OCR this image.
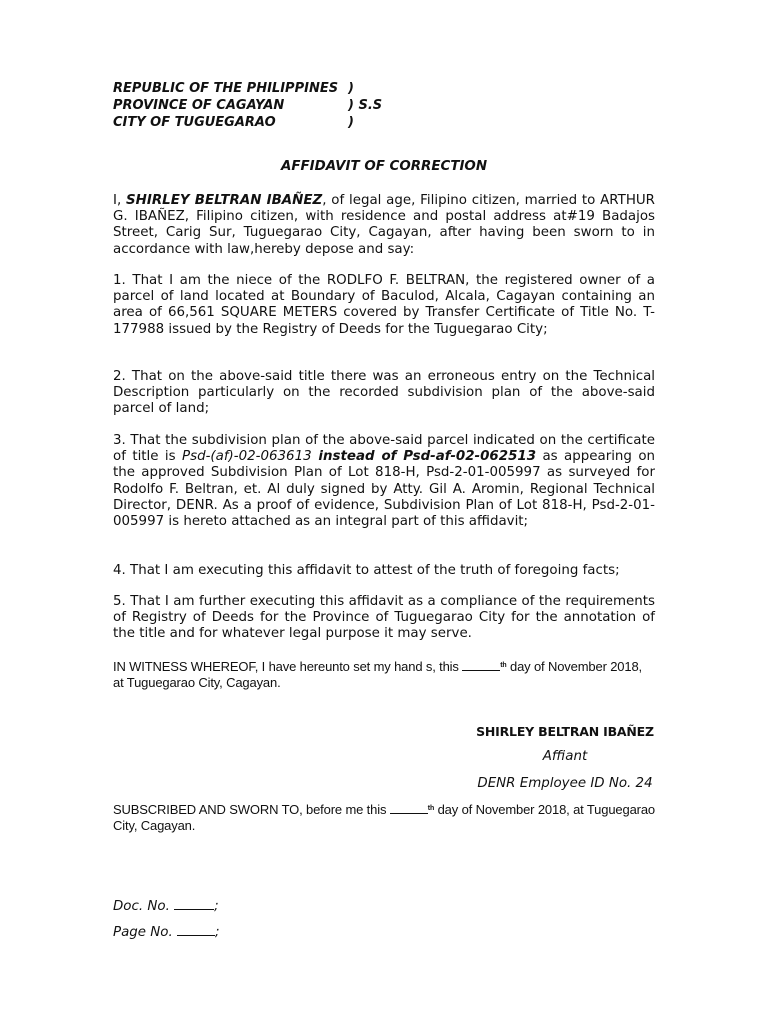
REPUBLIC OF THE PHILIPPINES )
PROVINCE OF CAGAYAN	) S.S
CITY OF TUGUEGARAO	)
AFFIDAVIT OF CORRECTION

I, SHIRLEY BELTRAN IBAÑEZ, of legal age, Filipino citizen, married to ARTHUR G. IBAÑEZ, Filipino citizen, with residence and postal address at#19 Badajos Street, Carig Sur, Tuguegarao City, Cagayan, after having been sworn to in accordance with law,hereby depose and say:

1. That I am the niece of the RODLFO F. BELTRAN, the registered owner of a parcel of land located at Boundary of Baculod, Alcala, Cagayan containing an area of 66,561 SQUARE METERS covered by Transfer Certificate of Title No. T-177988 issued by the Registry of Deeds for the Tuguegarao City;

2. That on the above-said title there was an erroneous entry on the Technical Description particularly on the recorded subdivision plan of the above-said parcel of land;

3. That the subdivision plan of the above-said parcel indicated on the certificate of title is Psd-(af)-02-063613 instead of Psd-af-02-062513 as appearing on the approved Subdivision Plan of Lot 818-H, Psd-2-01-005997 as surveyed for Rodolfo F. Beltran, et. Al duly signed by Atty. Gil A. Aromin, Regional Technical Director, DENR. As a proof of evidence, Subdivision Plan of Lot 818-H, Psd-2-01-005997 is hereto attached as an integral part of this affidavit;

4. That I am executing this affidavit to attest of the truth of foregoing facts;

5. That I am further executing this affidavit as a compliance of the requirements of Registry of Deeds for the Province of Tuguegarao City for the annotation of the title and for whatever legal purpose it may serve.

IN WITNESS WHEREOF, I have hereunto set my hand s, this	$^{th}$ day of November 2018, at Tuguegarao City, Cagayan.

SHIRLEY BELTRAN IBAÑEZ
Affiant
DENR Employee ID No. 24

SUBSCRIBED AND SWORN TO, before me this	$^{th}$ day of November 2018, at Tuguegarao City, Cagayan.

Doc. No.	;
Page No.	;
